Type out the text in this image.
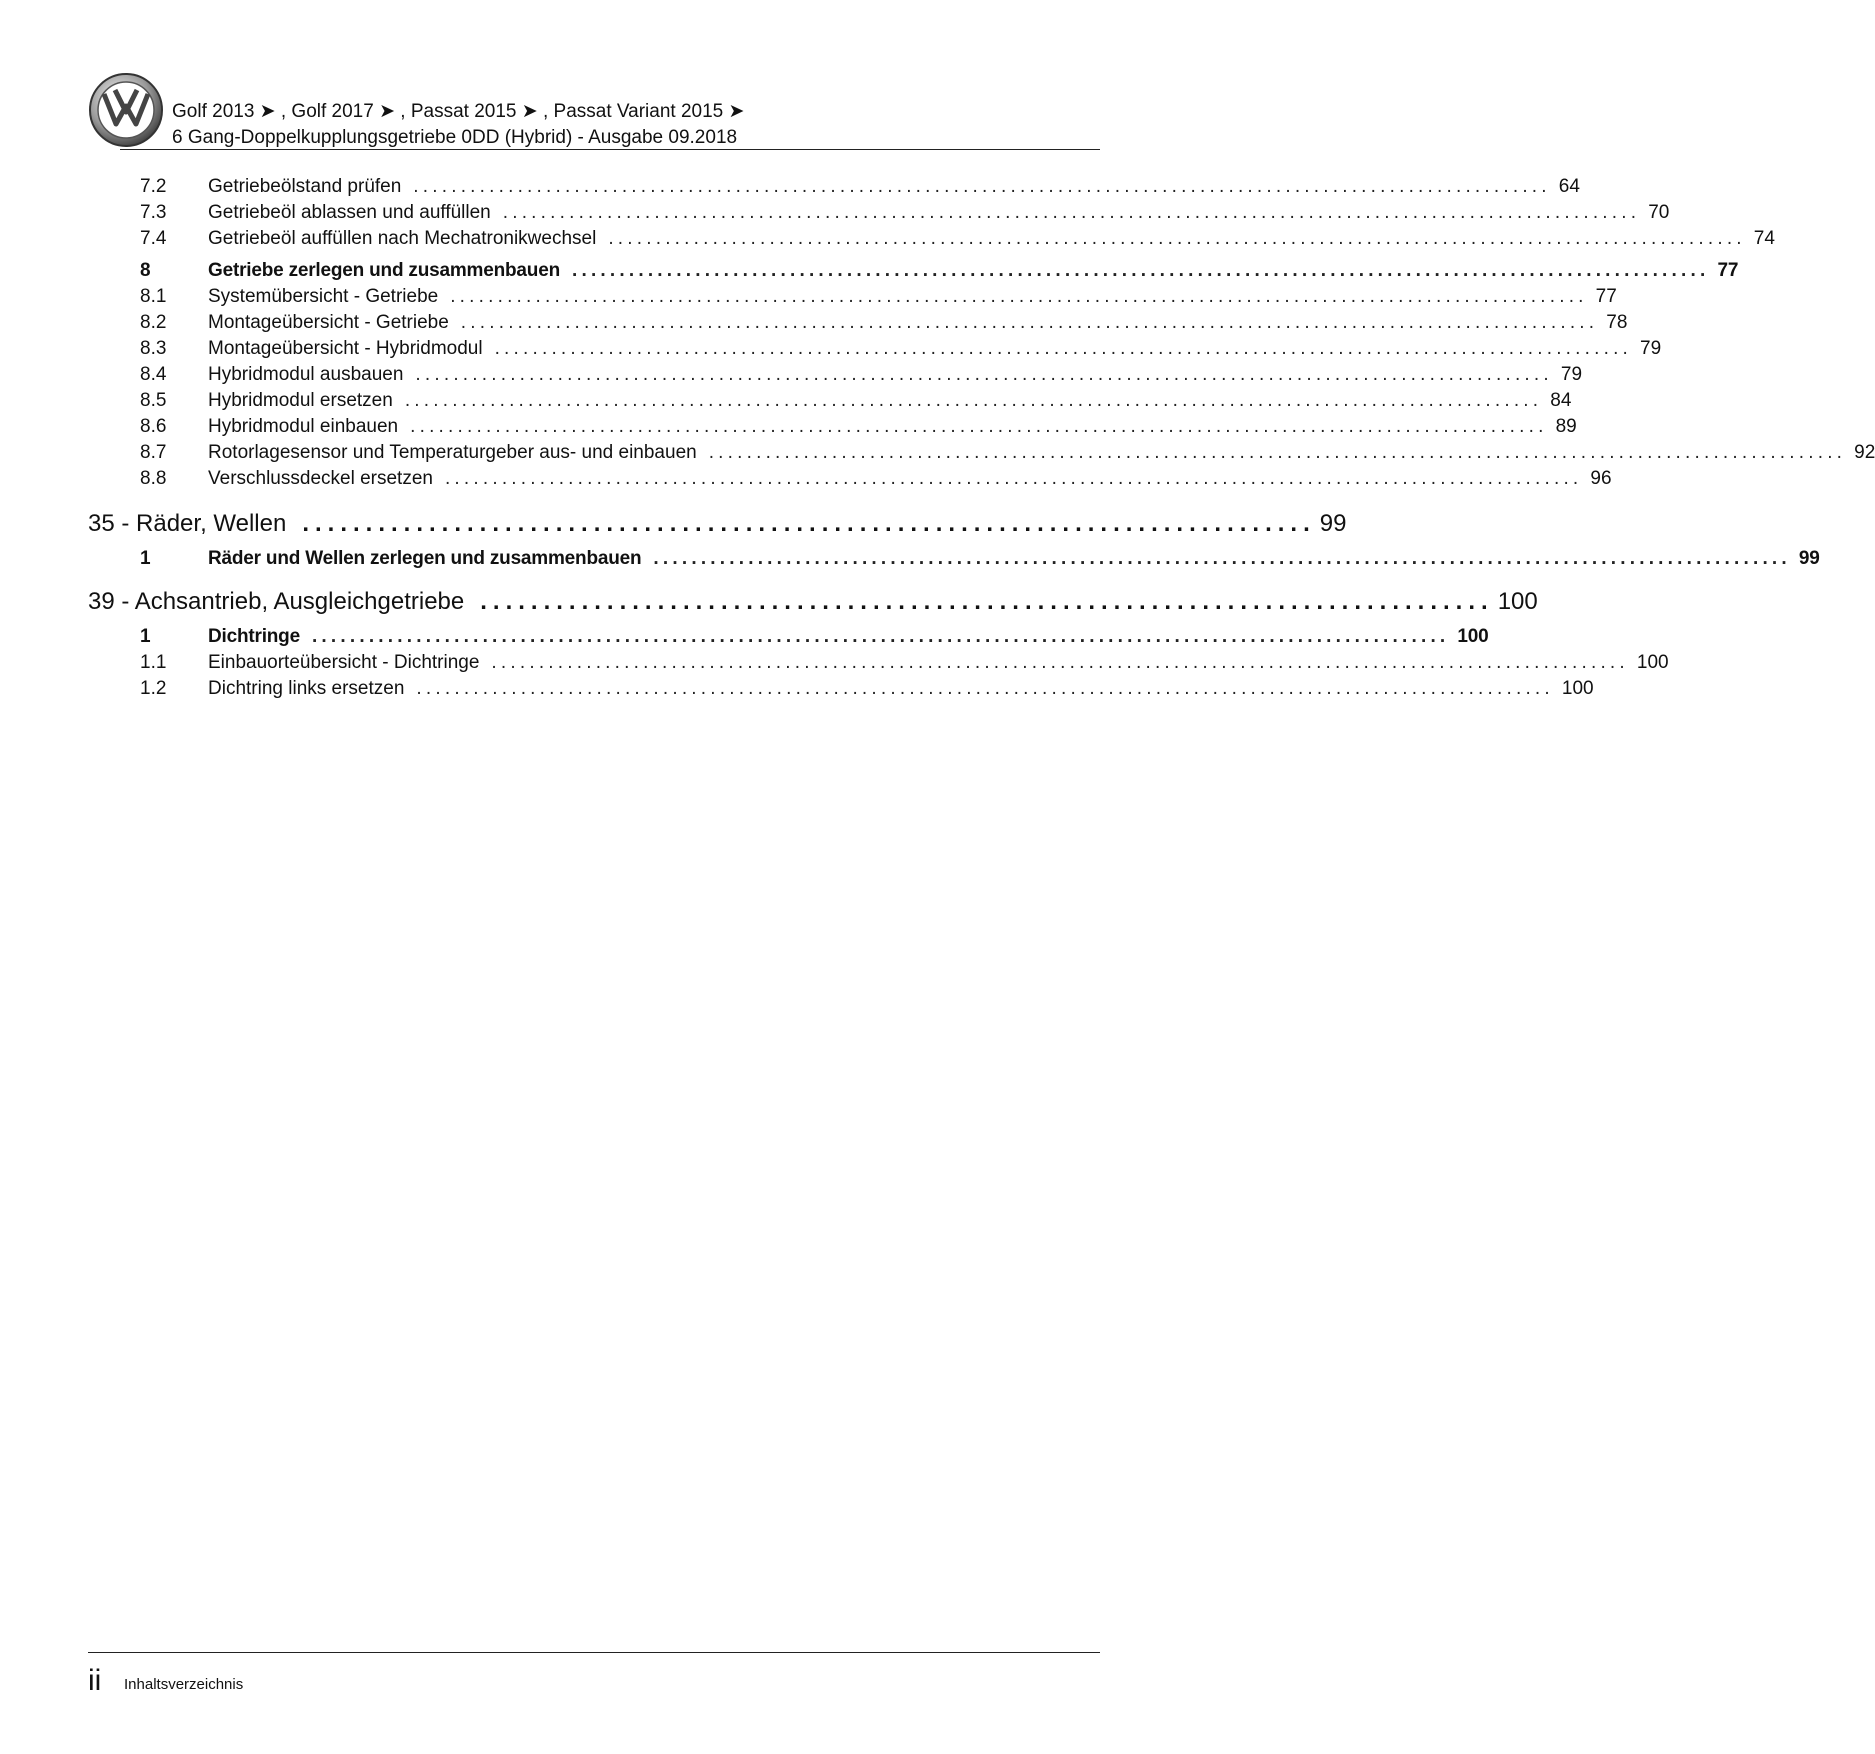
Golf 2013 ➤ , Golf 2017 ➤ , Passat 2015 ➤ , Passat Variant 2015 ➤
6 Gang-Doppelkupplungsgetriebe 0DD (Hybrid) - Ausgabe 09.2018
7.2 Getriebeölstand prüfen ........................................................................................................................ 64
7.3 Getriebeöl ablassen und auffüllen ........................................................................................................................ 70
7.4 Getriebeöl auffüllen nach Mechatronikwechsel ........................................................................................................................ 74
8	Getriebe zerlegen und zusammenbauen ........................................................................................................................ 77
8.1 Systemübersicht - Getriebe ........................................................................................................................ 77
8.2 Montageübersicht - Getriebe ........................................................................................................................ 78
8.3 Montageübersicht - Hybridmodul ........................................................................................................................ 79
8.4 Hybridmodul ausbauen ........................................................................................................................ 79
8.5 Hybridmodul ersetzen ........................................................................................................................ 84
8.6 Hybridmodul einbauen ........................................................................................................................ 89
8.7 Rotorlagesensor und Temperaturgeber aus- und einbauen ........................................................................................................................ 92
8.8 Verschlussdeckel ersetzen ........................................................................................................................ 96
35 - Räder, Wellen ................................................................................ 99
1	Räder und Wellen zerlegen und zusammenbauen ........................................................................................................................ 99
39 - Achsantrieb, Ausgleichgetriebe ................................................................................ 100
1	Dichtringe ........................................................................................................................ 100
1.1 Einbauorteübersicht - Dichtringe ........................................................................................................................ 100
1.2 Dichtring links ersetzen ........................................................................................................................ 100
ii Inhaltsverzeichnis
